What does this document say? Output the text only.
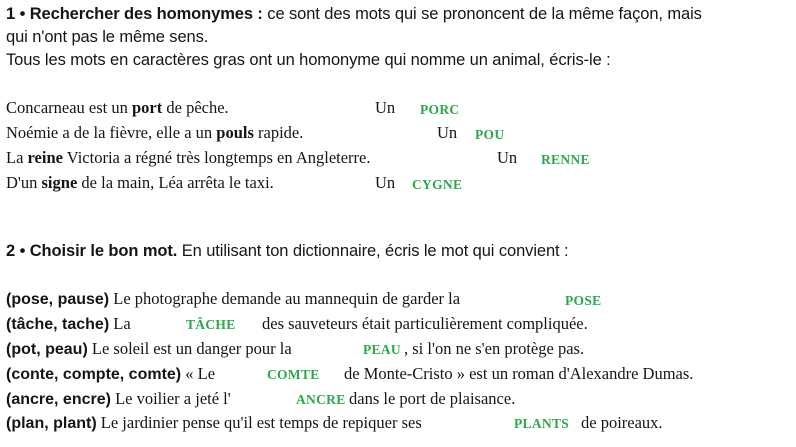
1 • Rechercher des homonymes : ce sont des mots qui se prononcent de la même façon, mais
qui n'ont pas le même sens.
Tous les mots en caractères gras ont un homonyme qui nomme un animal, écris-le :
Concarneau est un port de pêche.	Un PORC
Noémie a de la fièvre, elle a un pouls rapide.	Un POU
La reine Victoria a régné très longtemps en Angleterre.	Un RENNE
D'un signe de la main, Léa arrêta le taxi.	Un CYGNE
2 • Choisir le bon mot. En utilisant ton dictionnaire, écris le mot qui convient :
(pose, pause) Le photographe demande au mannequin de garder la	POSE
(tâche, tache) La	TÂCHE des sauveteurs était particulièrement compliquée.
(pot, peau) Le soleil est un danger pour la	PEAU , si l'on ne s'en protège pas.
(conte, compte, comte) « Le	COMTE de Monte-Cristo » est un roman d'Alexandre Dumas.
(ancre, encre) Le voilier a jeté l'	ANCRE dans le port de plaisance.
(plan, plant) Le jardinier pense qu'il est temps de repiquer ses	PLANTS de poireaux.
